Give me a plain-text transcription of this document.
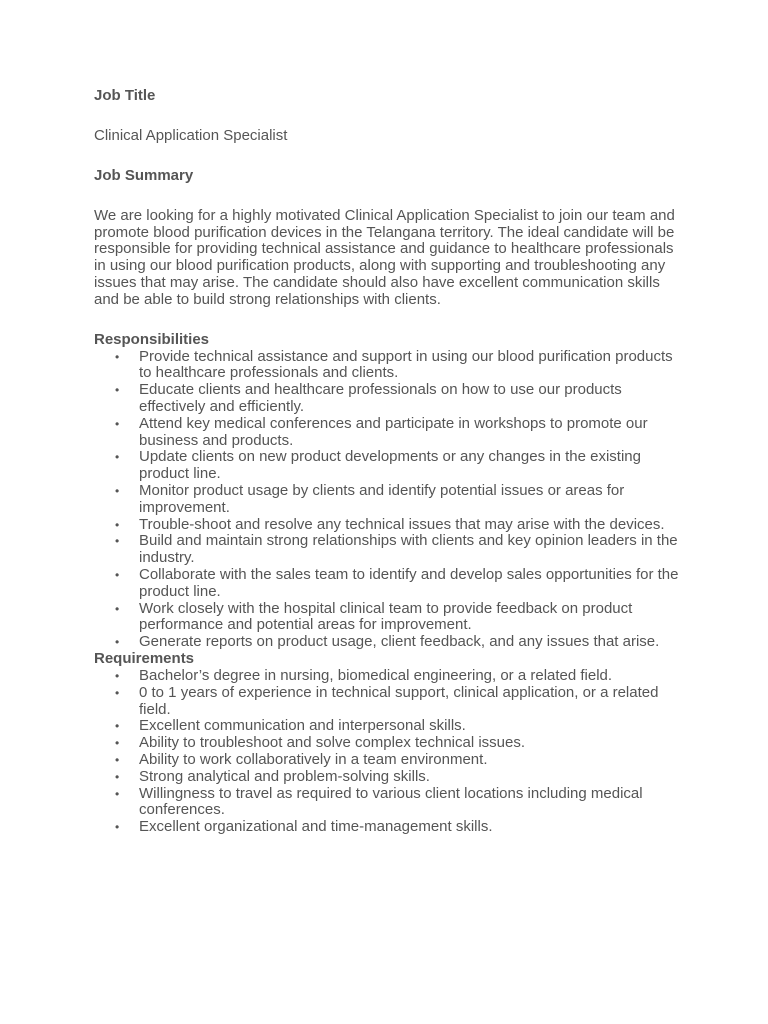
Job Title

Clinical Application Specialist

Job Summary

We are looking for a highly motivated Clinical Application Specialist to join our team and promote blood purification devices in the Telangana territory. The ideal candidate will be responsible for providing technical assistance and guidance to healthcare professionals in using our blood purification products, along with supporting and troubleshooting any issues that may arise. The candidate should also have excellent communication skills and be able to build strong relationships with clients.

Responsibilities

• Provide technical assistance and support in using our blood purification products to healthcare professionals and clients.
• Educate clients and healthcare professionals on how to use our products effectively and efficiently.
• Attend key medical conferences and participate in workshops to promote our business and products.
• Update clients on new product developments or any changes in the existing product line.
• Monitor product usage by clients and identify potential issues or areas for improvement.
• Trouble-shoot and resolve any technical issues that may arise with the devices.
• Build and maintain strong relationships with clients and key opinion leaders in the industry.
• Collaborate with the sales team to identify and develop sales opportunities for the product line.
• Work closely with the hospital clinical team to provide feedback on product performance and potential areas for improvement.
• Generate reports on product usage, client feedback, and any issues that arise.

Requirements

• Bachelor’s degree in nursing, biomedical engineering, or a related field.
• 0 to 1 years of experience in technical support, clinical application, or a related field.
• Excellent communication and interpersonal skills.
• Ability to troubleshoot and solve complex technical issues.
• Ability to work collaboratively in a team environment.
• Strong analytical and problem-solving skills.
• Willingness to travel as required to various client locations including medical conferences.
• Excellent organizational and time-management skills.
